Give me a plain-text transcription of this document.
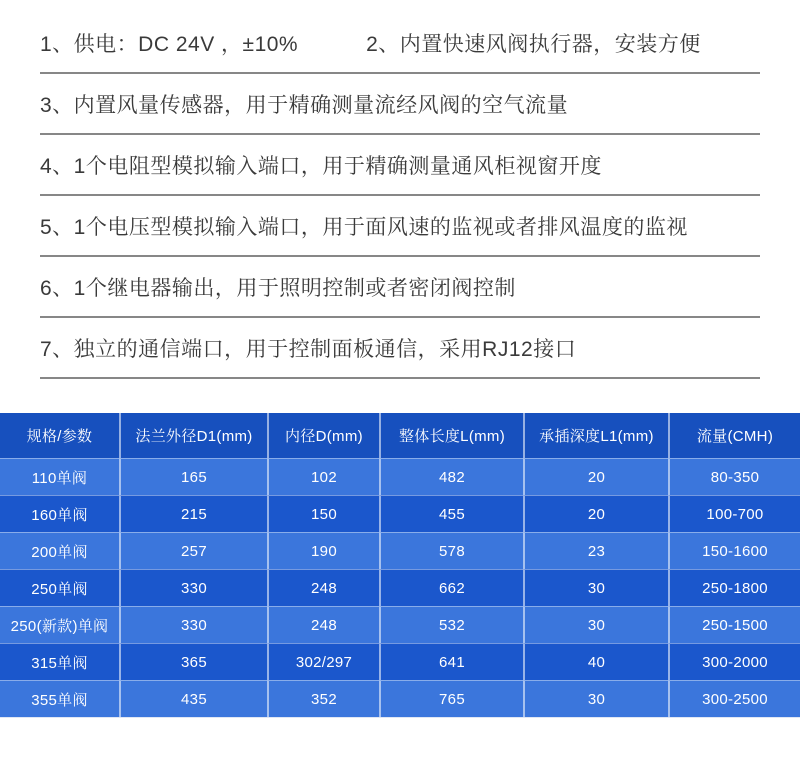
1、供电：DC 24V ，±10%	2、内置快速风阀执行器，安装方便
3、内置风量传感器，用于精确测量流经风阀的空气流量
4、1个电阻型模拟输入端口，用于精确测量通风柜视窗开度
5、1个电压型模拟输入端口，用于面风速的监视或者排风温度的监视
6、1个继电器输出，用于照明控制或者密闭阀控制
7、独立的通信端口，用于控制面板通信，采用RJ12接口
规格/参数	法兰外径D1(mm)	内径D(mm)	整体长度L(mm)	承插深度L1(mm)	流量(CMH)
110单阀	165	102	482	20	80-350
160单阀	215	150	455	20	100-700
200单阀	257	190	578	23	150-1600
250单阀	330	248	662	30	250-1800
250(新款)单阀	330	248	532	30	250-1500
315单阀	365	302/297	641	40	300-2000
355单阀	435	352	765	30	300-2500
